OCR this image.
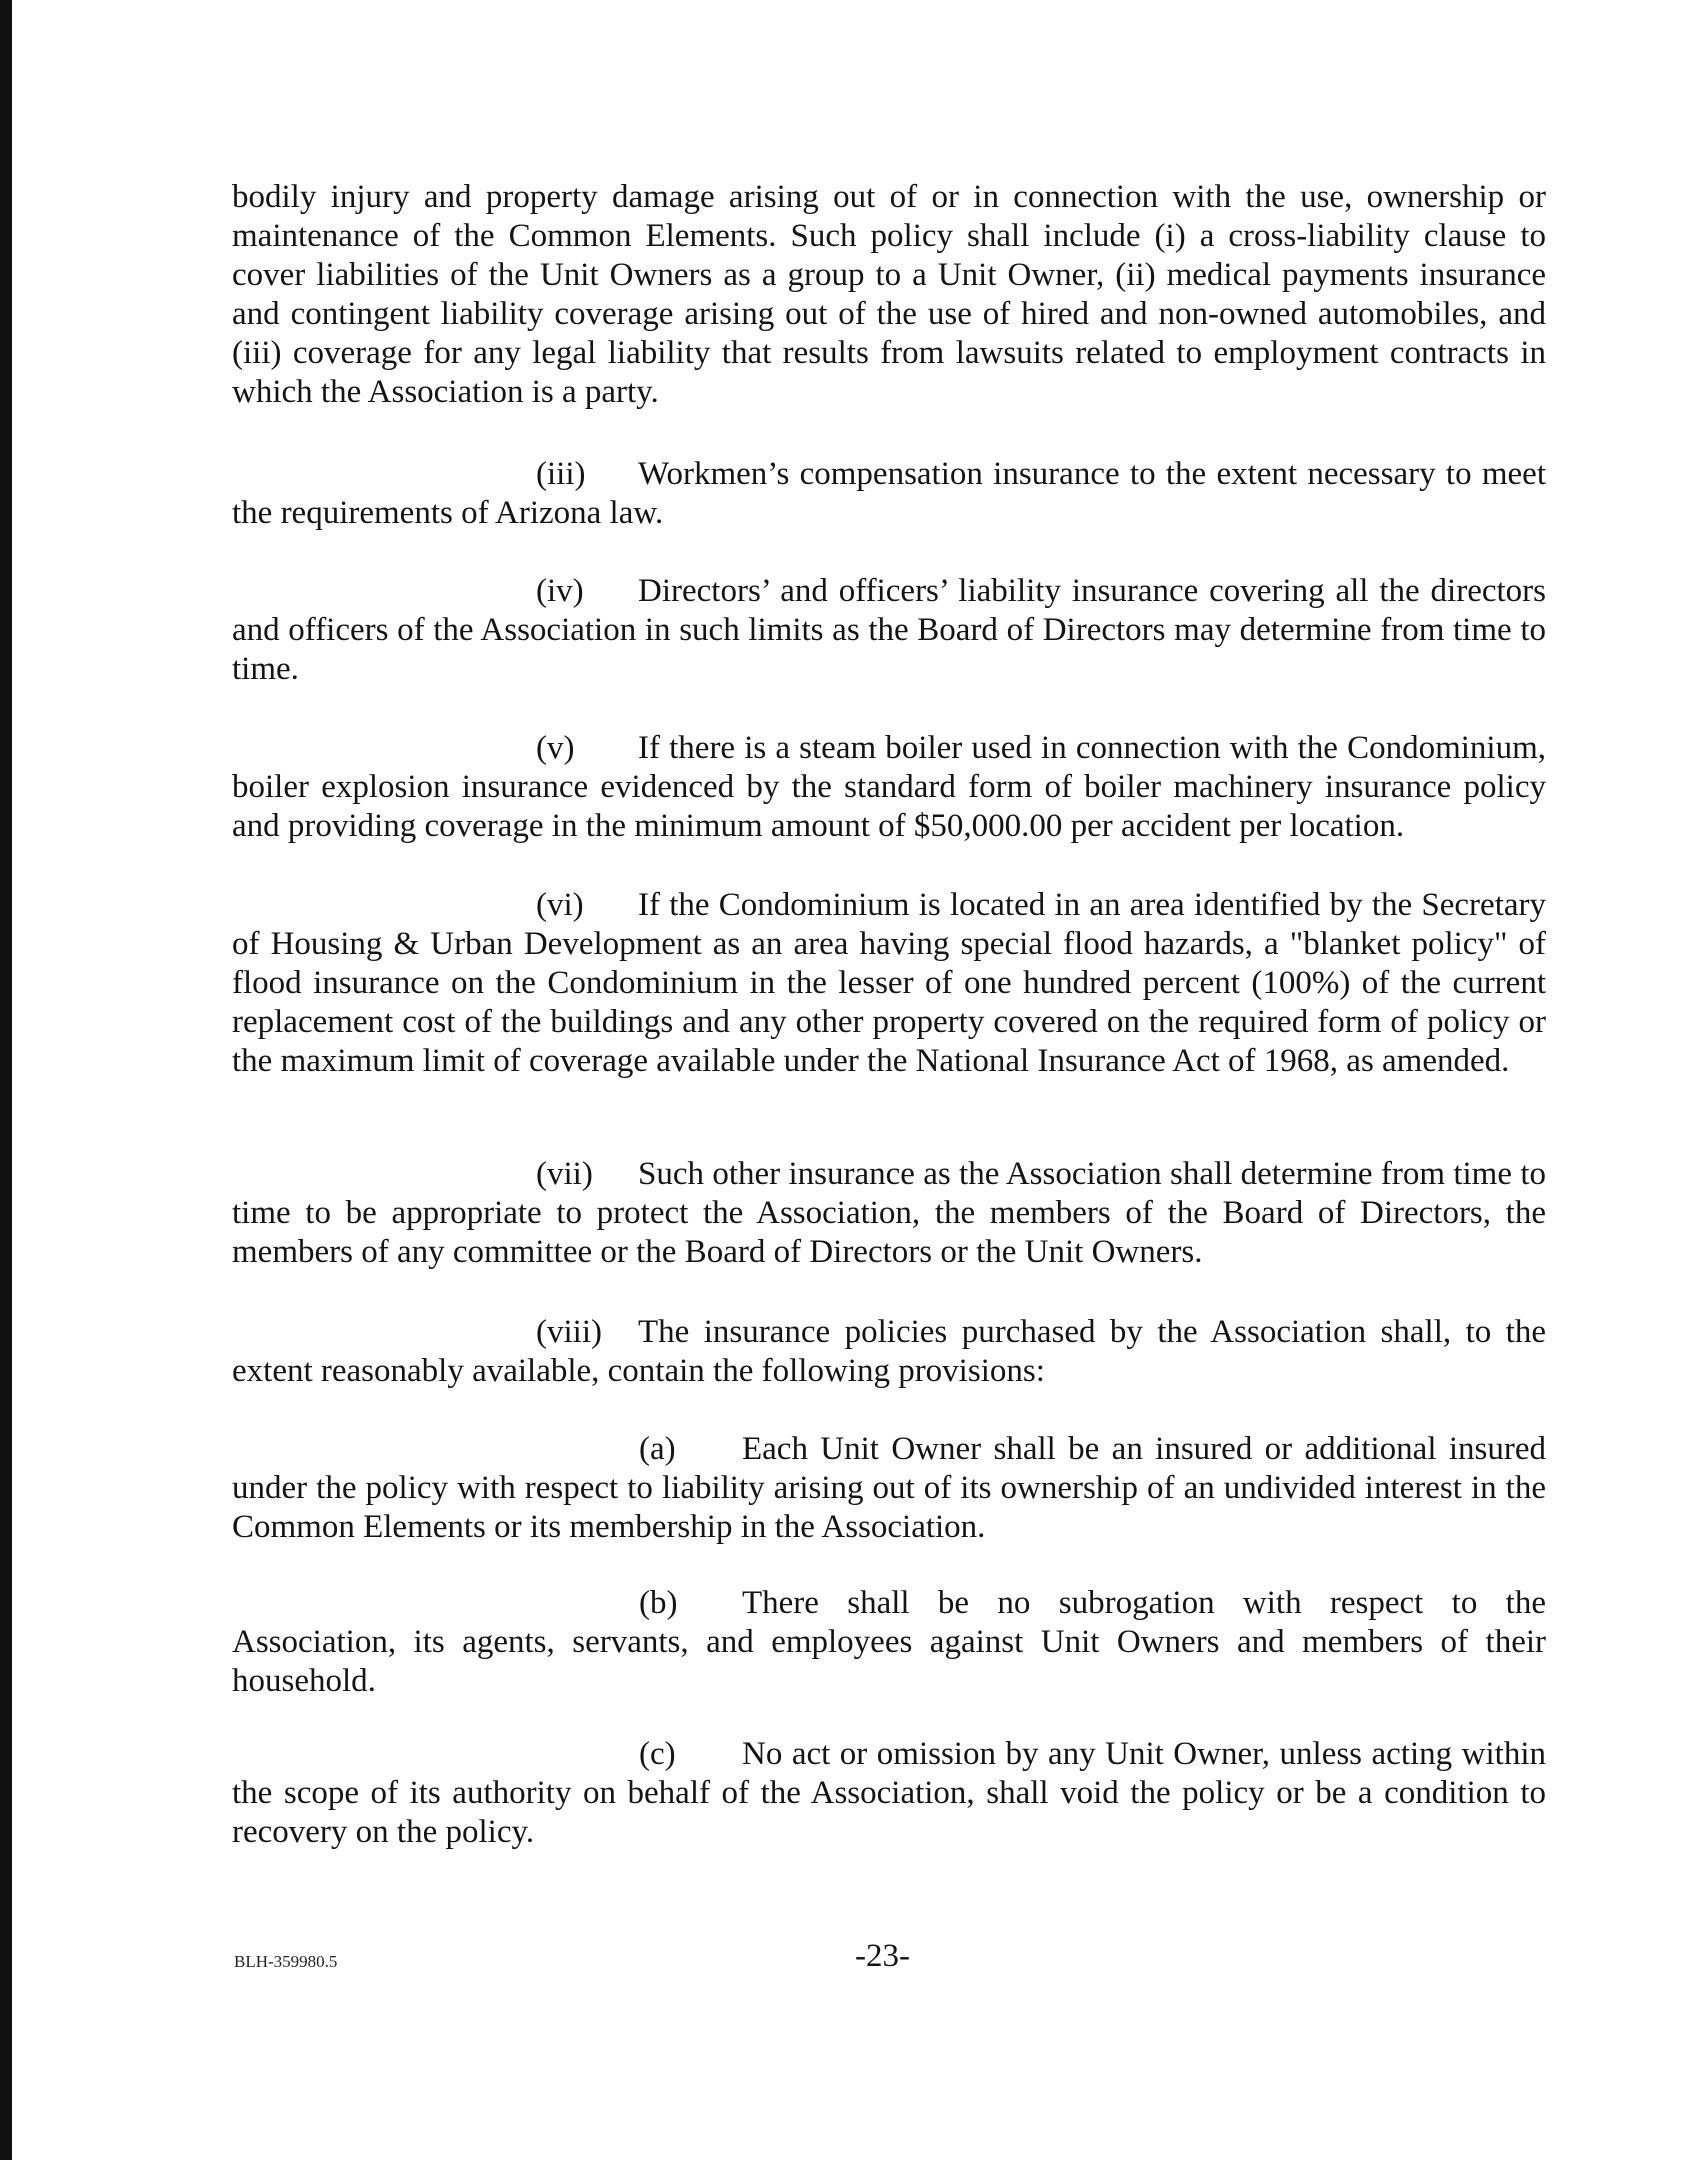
bodily injury and property damage arising out of or in connection with the use, ownership or maintenance of the Common Elements. Such policy shall include (i) a cross-liability clause to cover liabilities of the Unit Owners as a group to a Unit Owner, (ii) medical payments insurance and contingent liability coverage arising out of the use of hired and non-owned automobiles, and (iii) coverage for any legal liability that results from lawsuits related to employment contracts in which the Association is a party.

(iii) Workmen’s compensation insurance to the extent necessary to meet the requirements of Arizona law.

(iv) Directors’ and officers’ liability insurance covering all the directors and officers of the Association in such limits as the Board of Directors may determine from time to time.

(v) If there is a steam boiler used in connection with the Condominium, boiler explosion insurance evidenced by the standard form of boiler machinery insurance policy and providing coverage in the minimum amount of $50,000.00 per accident per location.

(vi) If the Condominium is located in an area identified by the Secretary of Housing & Urban Development as an area having special flood hazards, a "blanket policy" of flood insurance on the Condominium in the lesser of one hundred percent (100%) of the current replacement cost of the buildings and any other property covered on the required form of policy or the maximum limit of coverage available under the National Insurance Act of 1968, as amended.

(vii) Such other insurance as the Association shall determine from time to time to be appropriate to protect the Association, the members of the Board of Directors, the members of any committee or the Board of Directors or the Unit Owners.

(viii) The insurance policies purchased by the Association shall, to the extent reasonably available, contain the following provisions:

(a) Each Unit Owner shall be an insured or additional insured under the policy with respect to liability arising out of its ownership of an undivided interest in the Common Elements or its membership in the Association.

(b) There shall be no subrogation with respect to the Association, its agents, servants, and employees against Unit Owners and members of their household.

(c) No act or omission by any Unit Owner, unless acting within the scope of its authority on behalf of the Association, shall void the policy or be a condition to recovery on the policy.

BLH-359980.5	-23-
